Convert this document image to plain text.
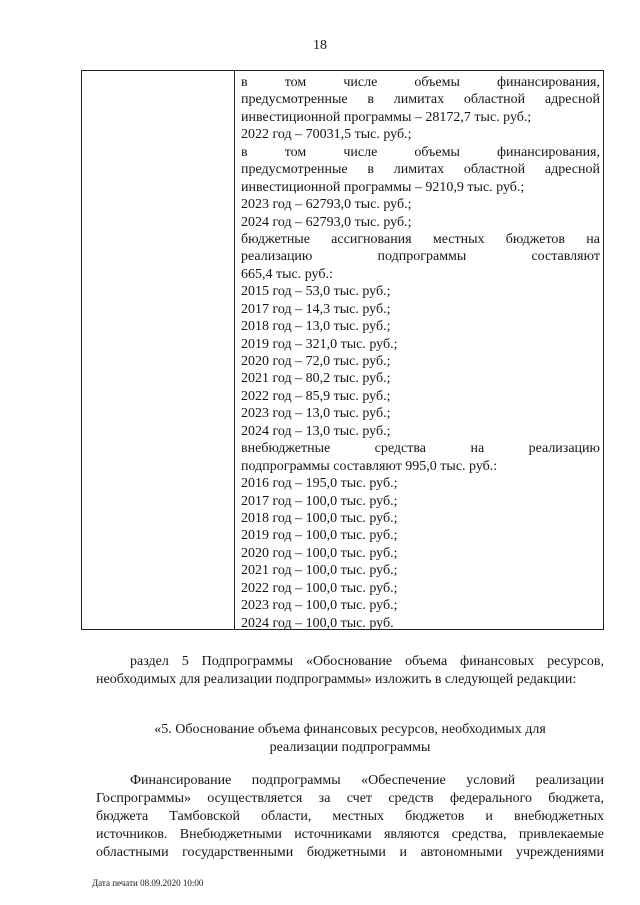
18
в том числе объемы финансирования,
предусмотренные в лимитах областной адресной
инвестиционной программы – 28172,7 тыс. руб.;
2022 год – 70031,5 тыс. руб.;
в том числе объемы финансирования,
предусмотренные в лимитах областной адресной
инвестиционной программы – 9210,9 тыс. руб.;
2023 год – 62793,0 тыс. руб.;
2024 год – 62793,0 тыс. руб.;
бюджетные ассигнования местных бюджетов на
реализацию подпрограммы составляют
665,4 тыс. руб.:
2015 год – 53,0 тыс. руб.;
2017 год – 14,3 тыс. руб.;
2018 год – 13,0 тыс. руб.;
2019 год – 321,0 тыс. руб.;
2020 год – 72,0 тыс. руб.;
2021 год – 80,2 тыс. руб.;
2022 год – 85,9 тыс. руб.;
2023 год – 13,0 тыс. руб.;
2024 год – 13,0 тыс. руб.;
внебюджетные средства на реализацию
подпрограммы составляют 995,0 тыс. руб.:
2016 год – 195,0 тыс. руб.;
2017 год – 100,0 тыс. руб.;
2018 год – 100,0 тыс. руб.;
2019 год – 100,0 тыс. руб.;
2020 год – 100,0 тыс. руб.;
2021 год – 100,0 тыс. руб.;
2022 год – 100,0 тыс. руб.;
2023 год – 100,0 тыс. руб.;
2024 год – 100,0 тыс. руб.
раздел 5 Подпрограммы «Обоснование объема финансовых ресурсов, необходимых для реализации подпрограммы» изложить в следующей редакции:
«5. Обоснование объема финансовых ресурсов, необходимых для
реализации подпрограммы
Финансирование подпрограммы «Обеспечение условий реализации
Госпрограммы» осуществляется за счет средств федерального бюджета,
бюджета Тамбовской области, местных бюджетов и внебюджетных
источников. Внебюджетными источниками являются средства, привлекаемые
областными государственными бюджетными и автономными учреждениями
Дата печати 08.09.2020 10:00
